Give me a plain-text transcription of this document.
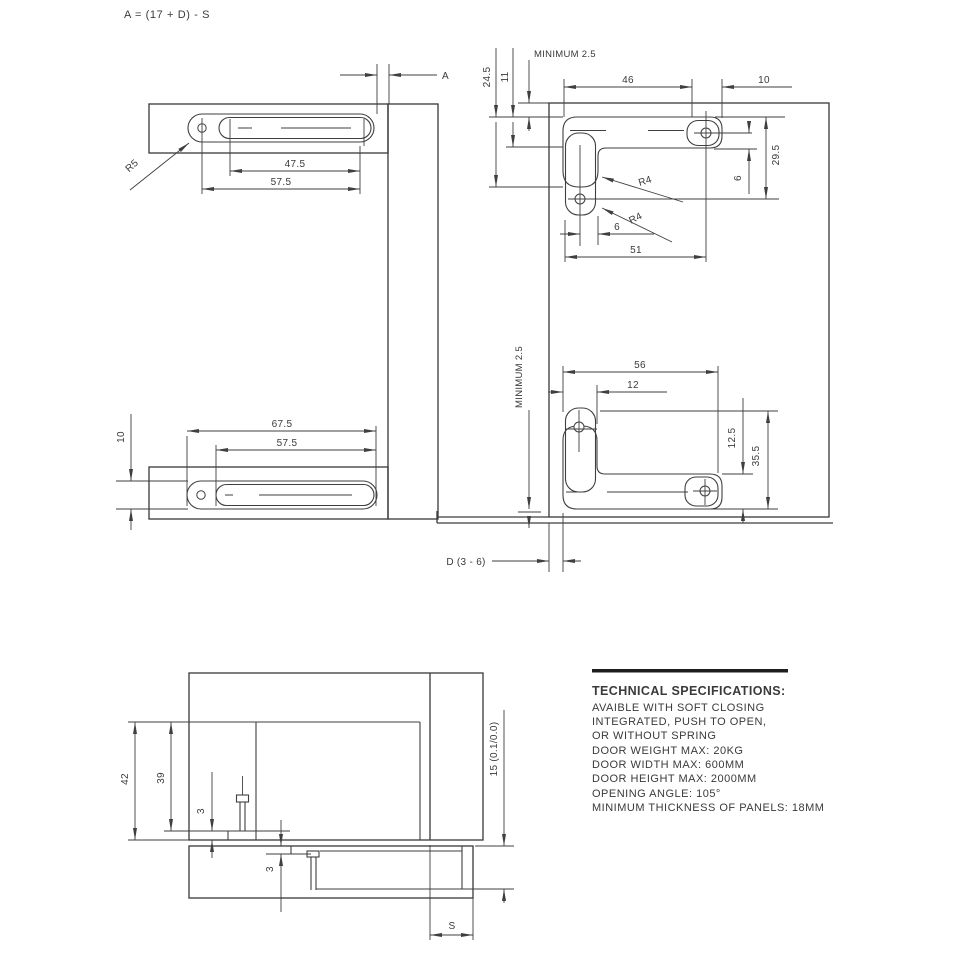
A = (17 + D) - S
A
47.5
57.5
R5
67.5
57.5
10
MINIMUM 2.5
11
24.5	46	10
29.5
6
R4
R4
6
51
56
12
12.5
35.5
MINIMUM 2.5
D (3 - 6)
42	39
3
3
15 (0.1/0.0)
S
TECHNICAL SPECIFICATIONS:
AVAIBLE WITH SOFT CLOSING
INTEGRATED, PUSH TO OPEN,
OR WITHOUT SPRING
DOOR WEIGHT MAX: 20KG
DOOR WIDTH MAX: 600MM
DOOR HEIGHT MAX: 2000MM
OPENING ANGLE: 105°
MINIMUM THICKNESS OF PANELS: 18MM
